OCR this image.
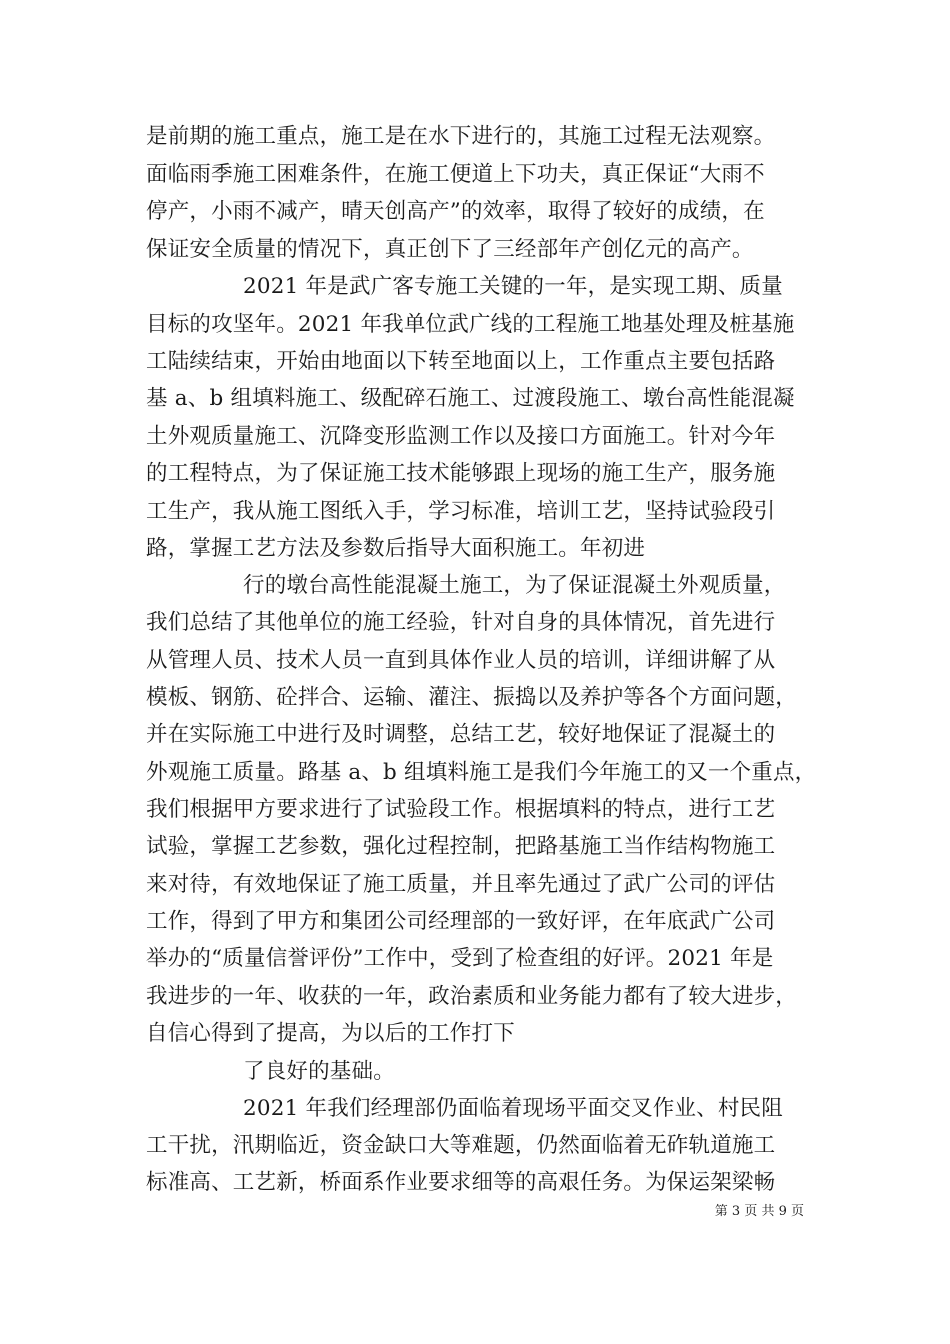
是前期的施工重点，施工是在水下进行的，其施工过程无法观察。
面临雨季施工困难条件，在施工便道上下功夫，真正保证“大雨不
停产，小雨不减产，晴天创高产”的效率，取得了较好的成绩，在
保证安全质量的情况下，真正创下了三经部年产创亿元的高产。
2021 年是武广客专施工关键的一年，是实现工期、质量
目标的攻坚年。2021 年我单位武广线的工程施工地基处理及桩基施
工陆续结束，开始由地面以下转至地面以上，工作重点主要包括路
基 a、b 组填料施工、级配碎石施工、过渡段施工、墩台高性能混凝
土外观质量施工、沉降变形监测工作以及接口方面施工。针对今年
的工程特点，为了保证施工技术能够跟上现场的施工生产，服务施
工生产，我从施工图纸入手，学习标准，培训工艺，坚持试验段引
路，掌握工艺方法及参数后指导大面积施工。年初进
行的墩台高性能混凝土施工，为了保证混凝土外观质量，
我们总结了其他单位的施工经验，针对自身的具体情况，首先进行
从管理人员、技术人员一直到具体作业人员的培训，详细讲解了从
模板、钢筋、砼拌合、运输、灌注、振捣以及养护等各个方面问题，
并在实际施工中进行及时调整，总结工艺，较好地保证了混凝土的
外观施工质量。路基 a、b 组填料施工是我们今年施工的又一个重点，
我们根据甲方要求进行了试验段工作。根据填料的特点，进行工艺
试验，掌握工艺参数，强化过程控制，把路基施工当作结构物施工
来对待，有效地保证了施工质量，并且率先通过了武广公司的评估
工作，得到了甲方和集团公司经理部的一致好评，在年底武广公司
举办的“质量信誉评份”工作中，受到了检查组的好评。2021 年是
我进步的一年、收获的一年，政治素质和业务能力都有了较大进步，
自信心得到了提高，为以后的工作打下
了良好的基础。
2021 年我们经理部仍面临着现场平面交叉作业、村民阻
工干扰，汛期临近，资金缺口大等难题，仍然面临着无砟轨道施工
标准高、工艺新，桥面系作业要求细等的高艰任务。为保运架梁畅
第 3 页 共 9 页
